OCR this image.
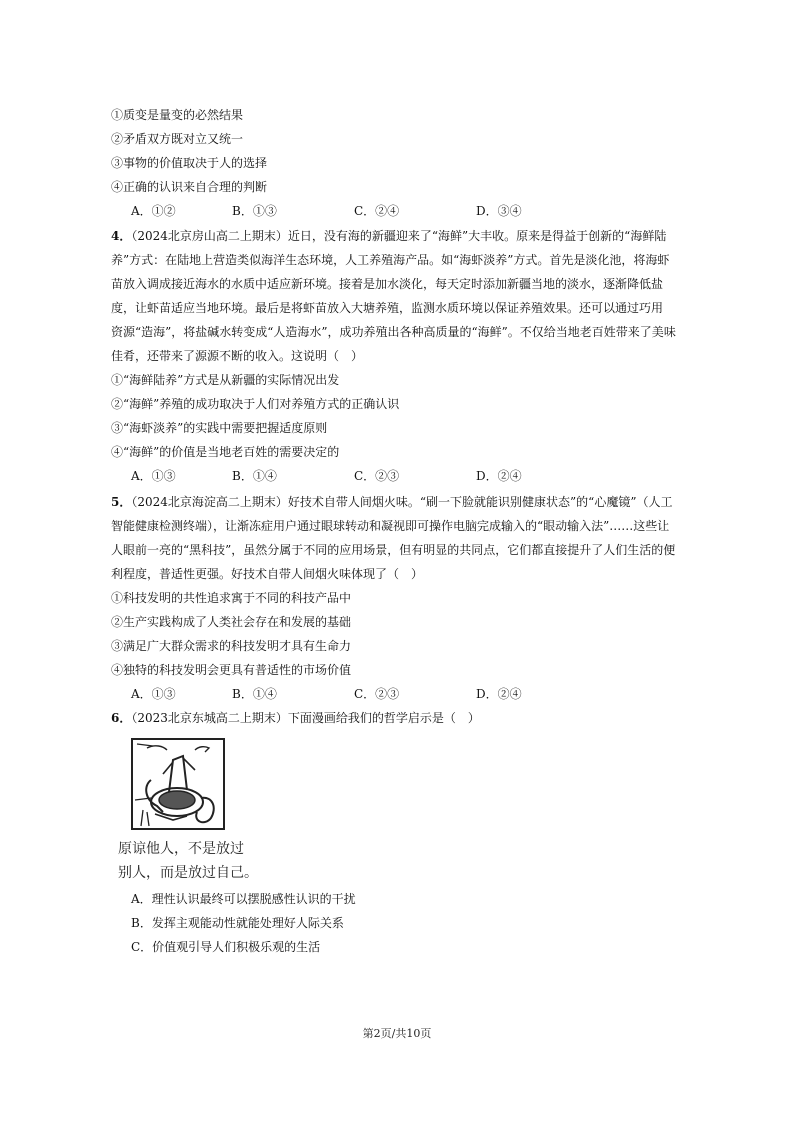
①质变是量变的必然结果
②矛盾双方既对立又统一
③事物的价值取决于人的选择
④正确的认识来自合理的判断
A．①②	B．①③	C．②④	D．③④
4．（2024北京房山高二上期末）近日，没有海的新疆迎来了“海鲜”大丰收。原来是得益于创新的“海鲜陆
养”方式：在陆地上营造类似海洋生态环境，人工养殖海产品。如“海虾淡养”方式。首先是淡化池，将海虾
苗放入调成接近海水的水质中适应新环境。接着是加水淡化，每天定时添加新疆当地的淡水，逐渐降低盐
度，让虾苗适应当地环境。最后是将虾苗放入大塘养殖，监测水质环境以保证养殖效果。还可以通过巧用
资源“造海”，将盐碱水转变成“人造海水”，成功养殖出各种高质量的“海鲜”。不仅给当地老百姓带来了美味
佳肴，还带来了源源不断的收入。这说明（　）
①“海鲜陆养”方式是从新疆的实际情况出发
②“海鲜”养殖的成功取决于人们对养殖方式的正确认识
③“海虾淡养”的实践中需要把握适度原则
④“海鲜”的价值是当地老百姓的需要决定的
A．①③	B．①④	C．②③	D．②④
5．（2024北京海淀高二上期末）好技术自带人间烟火味。“刷一下脸就能识别健康状态”的“心魔镜”（人工
智能健康检测终端），让渐冻症用户通过眼球转动和凝视即可操作电脑完成输入的“眼动输入法”……这些让
人眼前一亮的“黑科技”，虽然分属于不同的应用场景，但有明显的共同点，它们都直接提升了人们生活的便
利程度，普适性更强。好技术自带人间烟火味体现了（　）
①科技发明的共性追求寓于不同的科技产品中
②生产实践构成了人类社会存在和发展的基础
③满足广大群众需求的科技发明才具有生命力
④独特的科技发明会更具有普适性的市场价值
A．①③	B．①④	C．②③	D．②④
6．（2023北京东城高二上期末）下面漫画给我们的哲学启示是（　）
原谅他人，不是放过
别人，而是放过自己。
A．理性认识最终可以摆脱感性认识的干扰
B．发挥主观能动性就能处理好人际关系
C．价值观引导人们积极乐观的生活
第2页/共10页
